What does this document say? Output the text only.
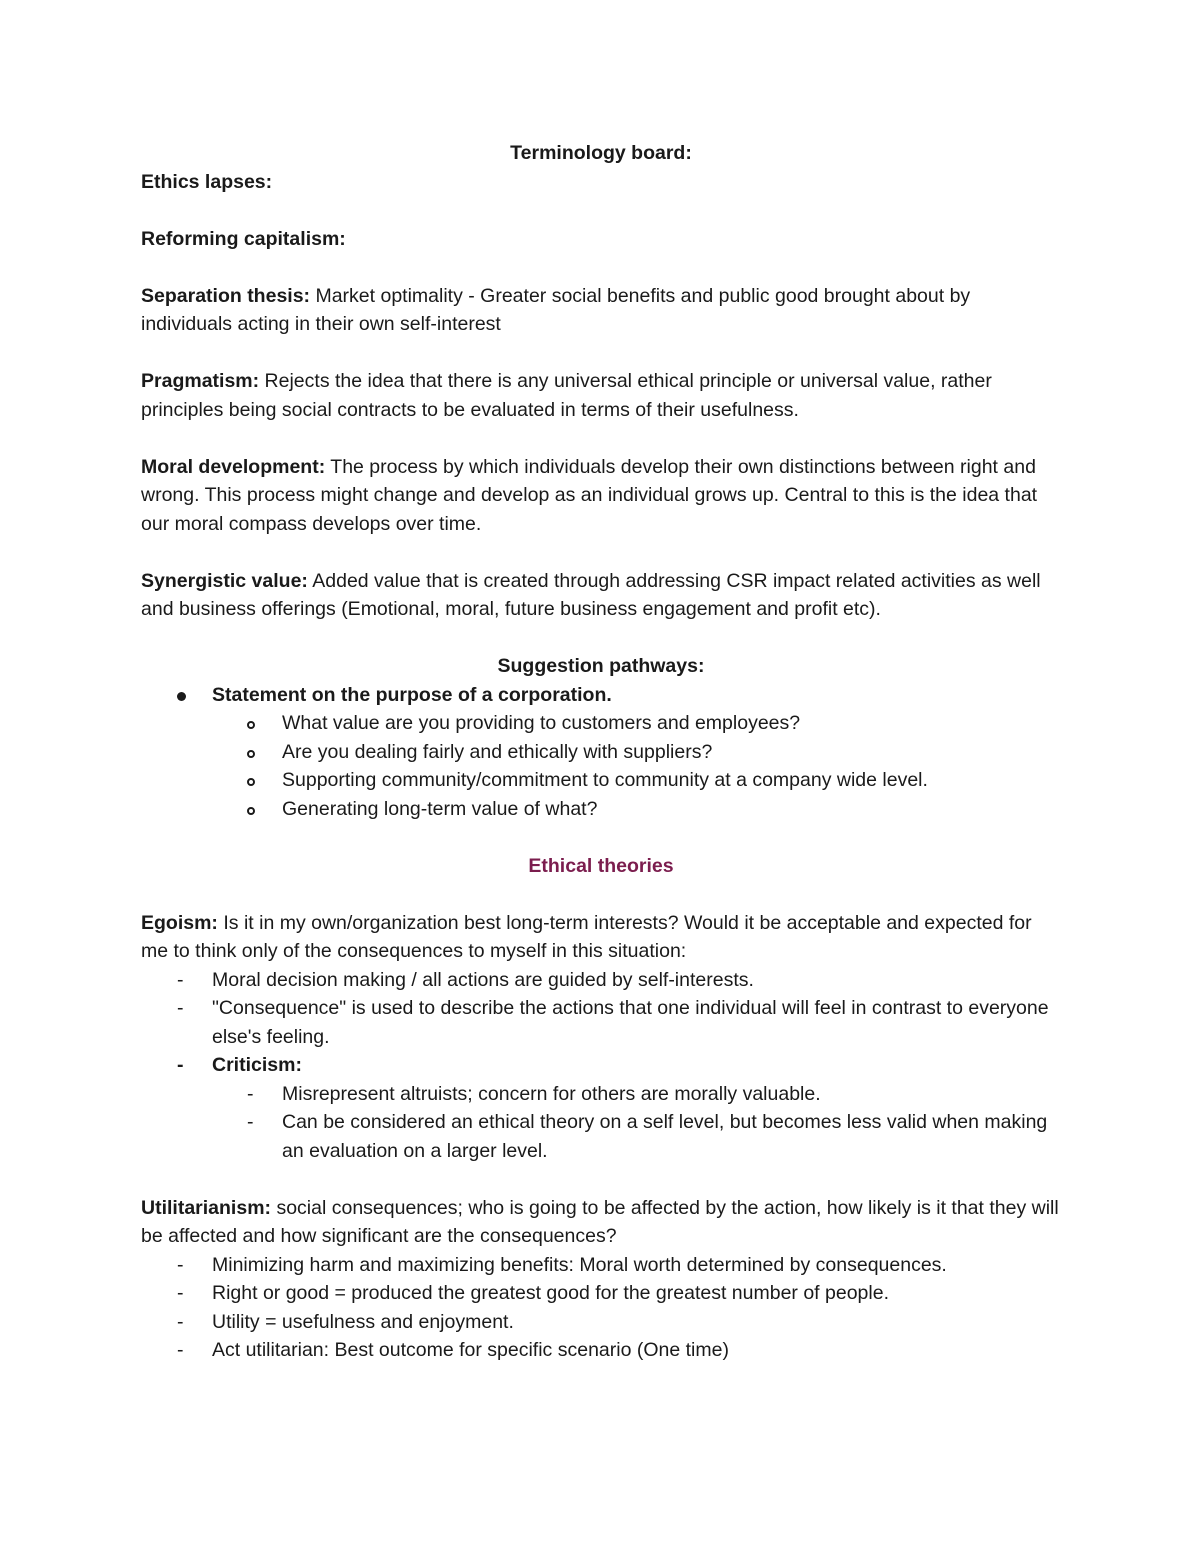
Terminology board:

Ethics lapses:

Reforming capitalism:

Separation thesis: Market optimality - Greater social benefits and public good brought about by individuals acting in their own self-interest

Pragmatism: Rejects the idea that there is any universal ethical principle or universal value, rather principles being social contracts to be evaluated in terms of their usefulness.

Moral development: The process by which individuals develop their own distinctions between right and wrong. This process might change and develop as an individual grows up. Central to this is the idea that our moral compass develops over time.

Synergistic value: Added value that is created through addressing CSR impact related activities as well and business offerings (Emotional, moral, future business engagement and profit etc).

Suggestion pathways:

Statement on the purpose of a corporation.
What value are you providing to customers and employees?
Are you dealing fairly and ethically with suppliers?
Supporting community/commitment to community at a company wide level.
Generating long-term value of what?

Ethical theories

Egoism: Is it in my own/organization best long-term interests? Would it be acceptable and expected for me to think only of the consequences to myself in this situation:

-	Moral decision making / all actions are guided by self-interests.
-	"Consequence" is used to describe the actions that one individual will feel in contrast to everyone else's feeling.
-	Criticism:
-	Misrepresent altruists; concern for others are morally valuable.
-	Can be considered an ethical theory on a self level, but becomes less valid when making an evaluation on a larger level.

Utilitarianism: social consequences; who is going to be affected by the action, how likely is it that they will be affected and how significant are the consequences?

-	Minimizing harm and maximizing benefits: Moral worth determined by consequences.
-	Right or good = produced the greatest good for the greatest number of people.
-	Utility = usefulness and enjoyment.
-	Act utilitarian: Best outcome for specific scenario (One time)
